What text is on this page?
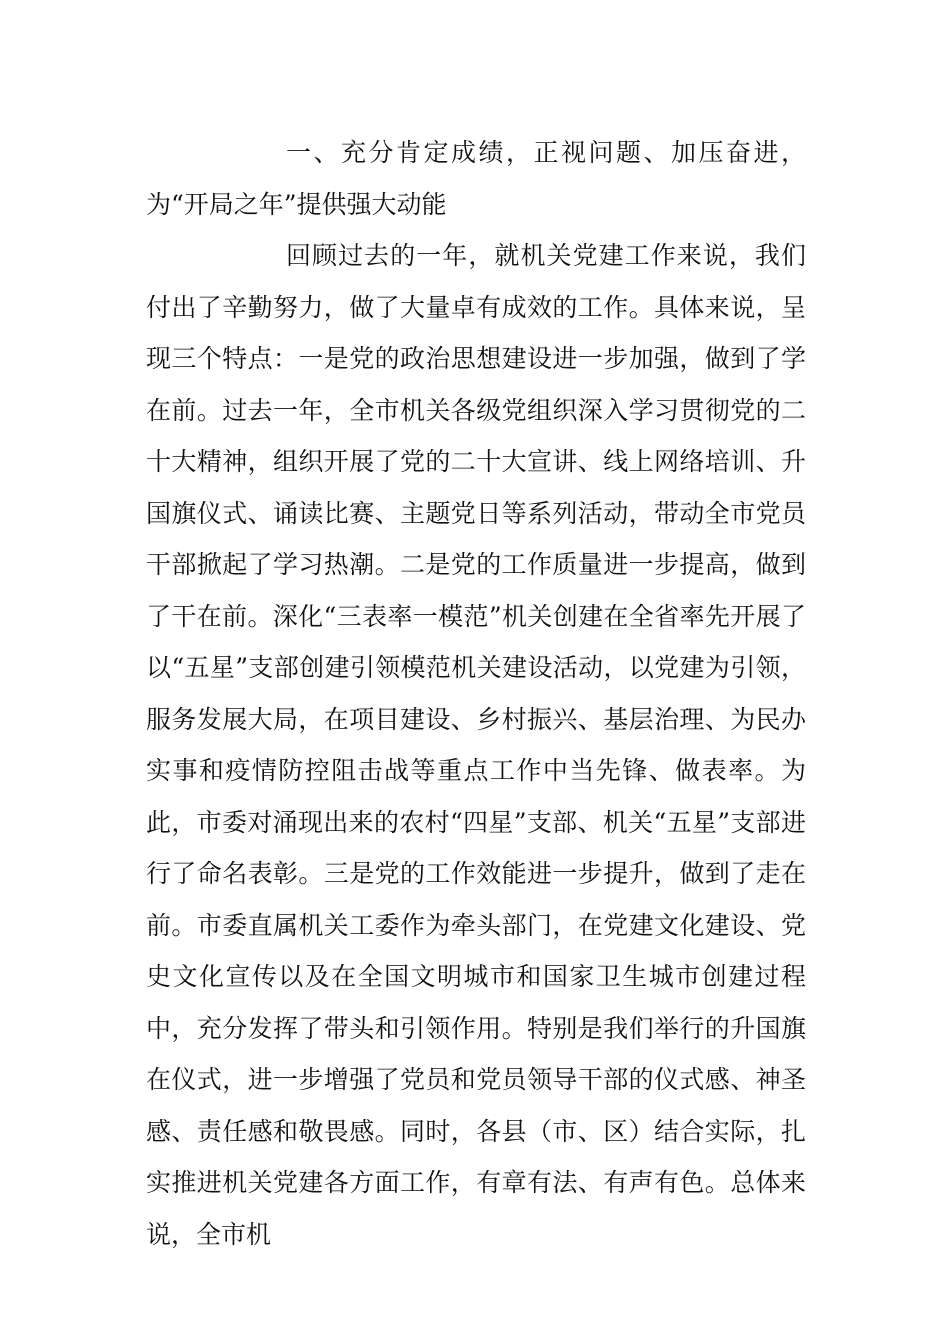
一、充分肯定成绩，正视问题、加压奋进，为“开局之年”提供强大动能
回顾过去的一年，就机关党建工作来说，我们付出了辛勤努力，做了大量卓有成效的工作。具体来说，呈现三个特点：一是党的政治思想建设进一步加强，做到了学在前。过去一年，全市机关各级党组织深入学习贯彻党的二十大精神，组织开展了党的二十大宣讲、线上网络培训、升国旗仪式、诵读比赛、主题党日等系列活动，带动全市党员干部掀起了学习热潮。二是党的工作质量进一步提高，做到了干在前。深化“三表率一模范”机关创建在全省率先开展了以“五星”支部创建引领模范机关建设活动，以党建为引领，服务发展大局，在项目建设、乡村振兴、基层治理、为民办实事和疫情防控阻击战等重点工作中当先锋、做表率。为此，市委对涌现出来的农村“四星”支部、机关“五星”支部进行了命名表彰。三是党的工作效能进一步提升，做到了走在前。市委直属机关工委作为牵头部门，在党建文化建设、党史文化宣传以及在全国文明城市和国家卫生城市创建过程中，充分发挥了带头和引领作用。特别是我们举行的升国旗在仪式，进一步增强了党员和党员领导干部的仪式感、神圣感、责任感和敬畏感。同时，各县（市、区）结合实际，扎实推进机关党建各方面工作，有章有法、有声有色。总体来说，全市机
